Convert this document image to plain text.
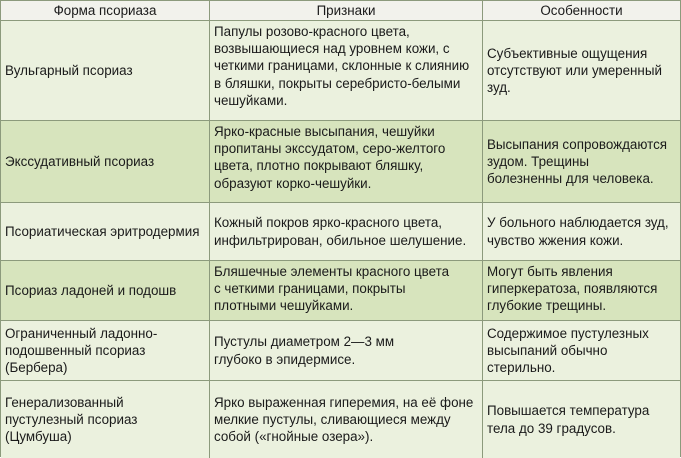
Форма псориаза	Признаки	Особенности
Вульгарный псориаз
Папулы розово-красного цвета,
возвышающиеся над уровнем кожи, с
четкими границами, склонные к слиянию
в бляшки, покрыты серебристо-белыми
чешуйками.
Субъективные ощущения
отсутствуют или умеренный
зуд.
Экссудативный псориаз
Ярко-красные высыпания, чешуйки
пропитаны экссудатом, серо-желтого
цвета, плотно покрывают бляшку,
образуют корко-чешуйки.
Высыпания сопровождаются
зудом. Трещины
болезненны для человека.
Псориатическая эритродермия
Кожный покров ярко-красного цвета,
инфильтрирован, обильное шелушение.
У больного наблюдается зуд,
чувство жжения кожи.
Псориаз ладоней и подошв
Бляшечные элементы красного цвета
с четкими границами, покрыты
плотными чешуйками.
Могут быть явления
гиперкератоза, появляются
глубокие трещины.
Ограниченный ладонно-
подошвенный псориаз
(Бербера)
Пустулы диаметром 2—3 мм
глубоко в эпидермисе.
Содержимое пустулезных
высыпаний обычно
стерильно.
Генерализованный
пустулезный псориаз
(Цумбуша)
Ярко выраженная гиперемия, на её фоне
мелкие пустулы, сливающиеся между
собой («гнойные озера»).
Повышается температура
тела до 39 градусов.
